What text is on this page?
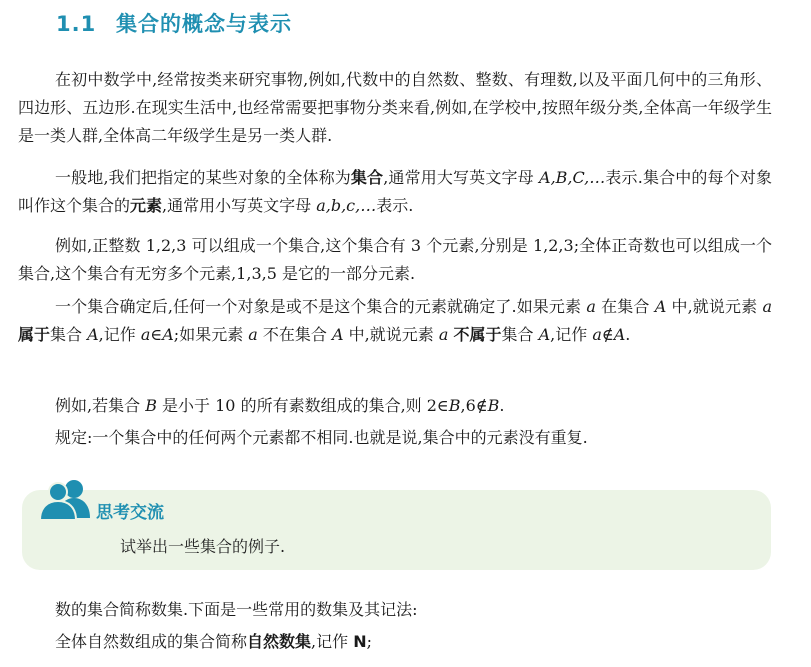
1.1 集合的概念与表示

在初中数学中,经常按类来研究事物,例如,代数中的自然数、整数、有理数,以及平面几何中的三角形、四边形、五边形.在现实生活中,也经常需要把事物分类来看,例如,在学校中,按照年级分类,全体高一年级学生是一类人群,全体高二年级学生是另一类人群.

一般地,我们把指定的某些对象的全体称为集合,通常用大写英文字母 A,B,C,…表示.集合中的每个对象叫作这个集合的元素,通常用小写英文字母 a,b,c,…表示.

例如,正整数 1,2,3 可以组成一个集合,这个集合有 3 个元素,分别是 1,2,3;全体正奇数也可以组成一个集合,这个集合有无穷多个元素,1,3,5 是它的一部分元素.

一个集合确定后,任何一个对象是或不是这个集合的元素就确定了.如果元素 a 在集合 A 中,就说元素 a 属于集合 A,记作 a∈A;如果元素 a 不在集合 A 中,就说元素 a 不属于集合 A,记作 a∉A.

例如,若集合 B 是小于 10 的所有素数组成的集合,则 2∈B,6∉B.

规定:一个集合中的任何两个元素都不相同.也就是说,集合中的元素没有重复.

思考交流
试举出一些集合的例子.

数的集合简称数集.下面是一些常用的数集及其记法:

全体自然数组成的集合简称自然数集,记作 N;
